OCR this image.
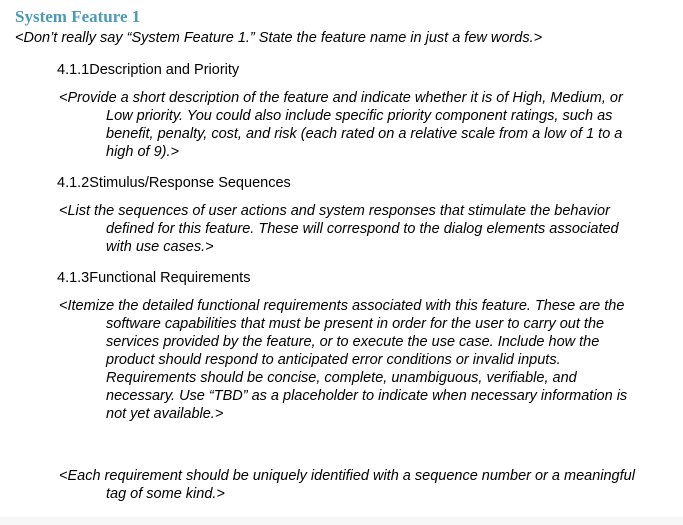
System Feature 1
<Don’t really say “System Feature 1.” State the feature name in just a few words.>
4.1.1Description and Priority
<Provide a short description of the feature and indicate whether it is of High, Medium, or
Low priority. You could also include specific priority component ratings, such as
benefit, penalty, cost, and risk (each rated on a relative scale from a low of 1 to a
high of 9).>
4.1.2Stimulus/Response Sequences
<List the sequences of user actions and system responses that stimulate the behavior
defined for this feature. These will correspond to the dialog elements associated
with use cases.>
4.1.3Functional Requirements
<Itemize the detailed functional requirements associated with this feature. These are the
software capabilities that must be present in order for the user to carry out the
services provided by the feature, or to execute the use case. Include how the
product should respond to anticipated error conditions or invalid inputs.
Requirements should be concise, complete, unambiguous, verifiable, and
necessary. Use “TBD” as a placeholder to indicate when necessary information is
not yet available.>
<Each requirement should be uniquely identified with a sequence number or a meaningful
tag of some kind.>
